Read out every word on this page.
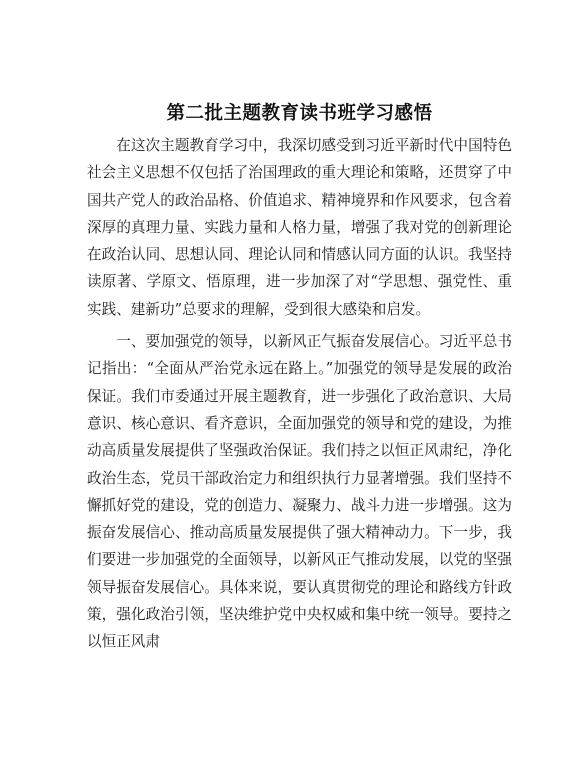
第二批主题教育读书班学习感悟

在这次主题教育学习中，我深切感受到习近平新时代中国特色社会主义思想不仅包括了治国理政的重大理论和策略，还贯穿了中国共产党人的政治品格、价值追求、精神境界和作风要求，包含着深厚的真理力量、实践力量和人格力量，增强了我对党的创新理论在政治认同、思想认同、理论认同和情感认同方面的认识。我坚持读原著、学原文、悟原理，进一步加深了对“学思想、强党性、重实践、建新功”总要求的理解，受到很大感染和启发。

一、要加强党的领导，以新风正气振奋发展信心。习近平总书记指出：“全面从严治党永远在路上。”加强党的领导是发展的政治保证。我们市委通过开展主题教育，进一步强化了政治意识、大局意识、核心意识、看齐意识，全面加强党的领导和党的建设，为推动高质量发展提供了坚强政治保证。我们持之以恒正风肃纪，净化政治生态，党员干部政治定力和组织执行力显著增强。我们坚持不懈抓好党的建设，党的创造力、凝聚力、战斗力进一步增强。这为振奋发展信心、推动高质量发展提供了强大精神动力。下一步，我们要进一步加强党的全面领导，以新风正气推动发展，以党的坚强领导振奋发展信心。具体来说，要认真贯彻党的理论和路线方针政策，强化政治引领，坚决维护党中央权威和集中统一领导。要持之以恒正风肃
